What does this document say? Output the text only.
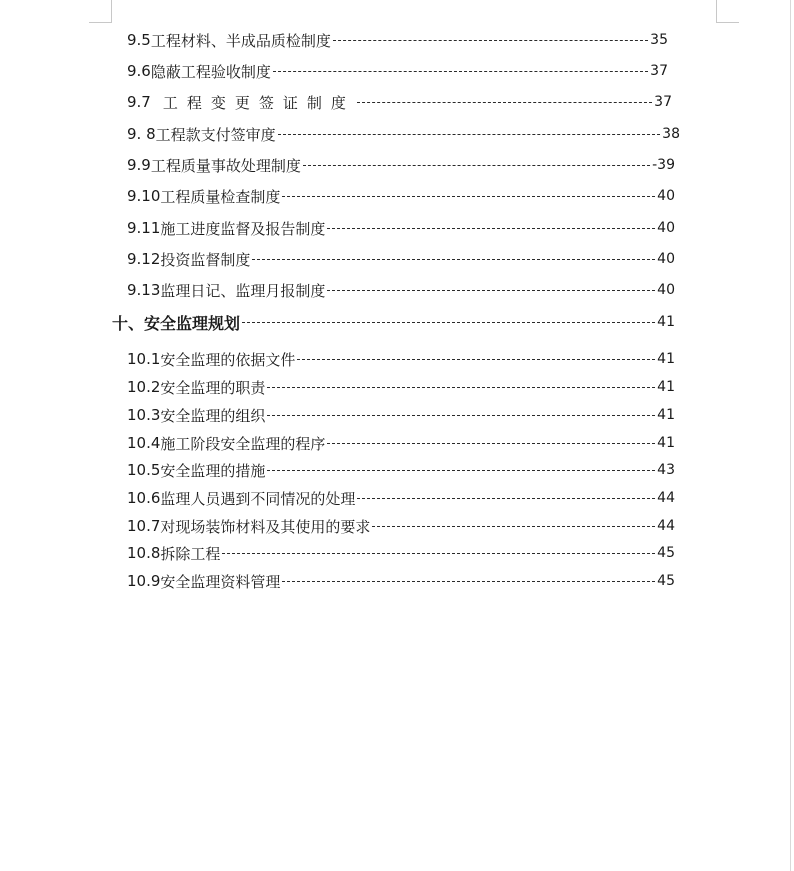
9.5 工程材料、半成品质检制度	35
9.6 隐蔽工程验收制度	37
9.7 工程变更签证制度	37
9. 8 工程款支付签审度	38
9.9 工程质量事故处理制度	-39
9.10 工程质量检查制度	40
9.11 施工进度监督及报告制度	40
9.12 投资监督制度	40
9.13 监理日记、监理月报制度	40
十、 安全监理规划	41
10.1 安全监理的依据文件	41
10.2 安全监理的职责	41
10.3 安全监理的组织	41
10.4 施工阶段安全监理的程序	41
10.5 安全监理的措施	43
10.6 监理人员遇到不同情况的处理	44
10.7 对现场装饰材料及其使用的要求	44
10.8 拆除工程	45
10.9 安全监理资料管理	45
